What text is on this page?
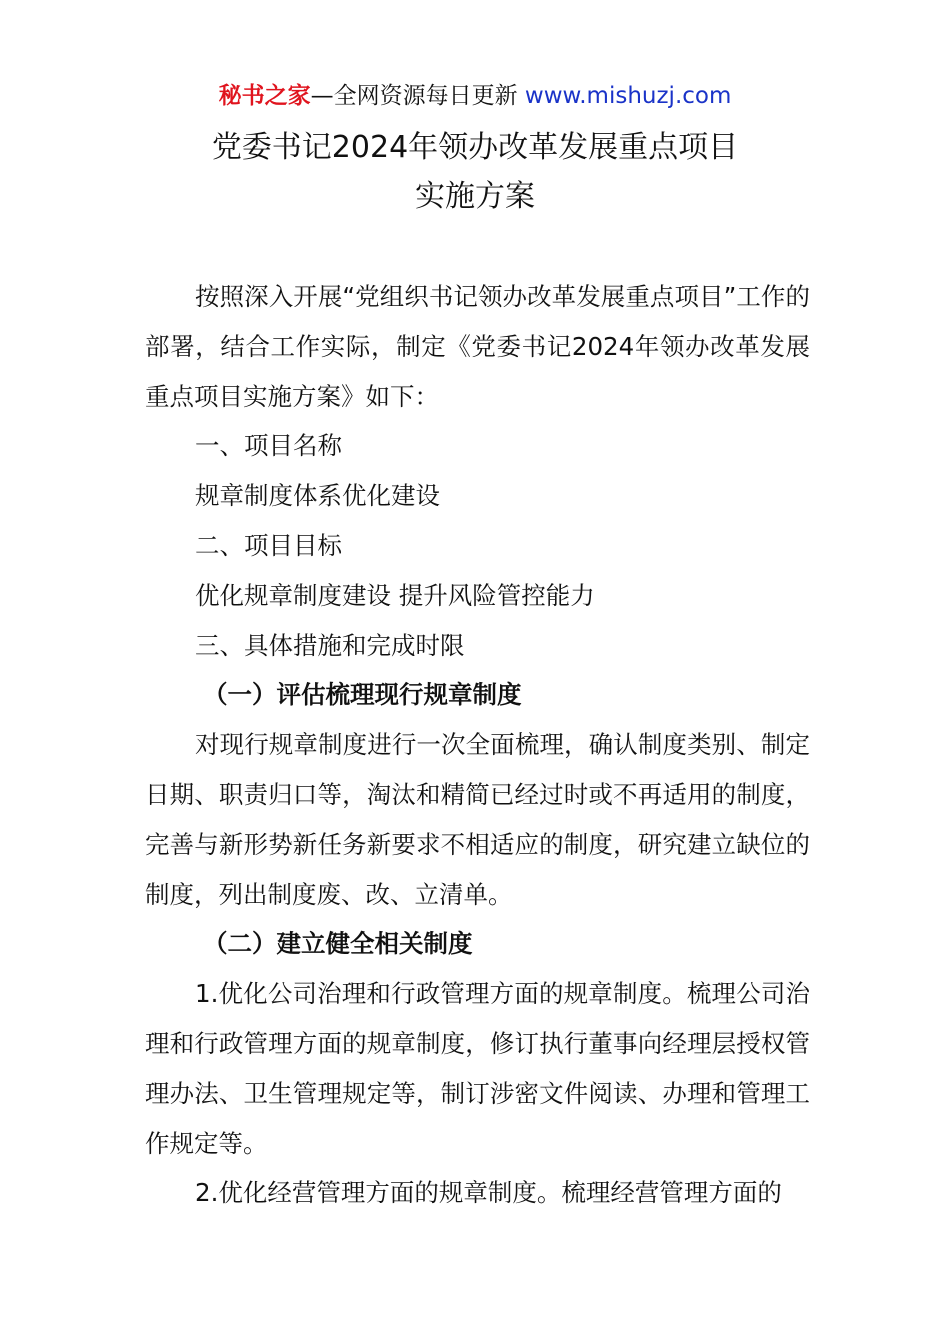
秘书之家—全网资源每日更新 www.mishuzj.com
党委书记2024年领办改革发展重点项目
实施方案

按照深入开展“党组织书记领办改革发展重点项目”工作的部署，结合工作实际，制定《党委书记2024年领办改革发展重点项目实施方案》如下：

一、项目名称

规章制度体系优化建设

二、项目目标

优化规章制度建设 提升风险管控能力

三、具体措施和完成时限

（一）评估梳理现行规章制度

对现行规章制度进行一次全面梳理，确认制度类别、制定日期、职责归口等，淘汰和精简已经过时或不再适用的制度，完善与新形势新任务新要求不相适应的制度，研究建立缺位的制度，列出制度废、改、立清单。

（二）建立健全相关制度

1.优化公司治理和行政管理方面的规章制度。梳理公司治理和行政管理方面的规章制度，修订执行董事向经理层授权管理办法、卫生管理规定等，制订涉密文件阅读、办理和管理工作规定等。

2.优化经营管理方面的规章制度。梳理经营管理方面的
